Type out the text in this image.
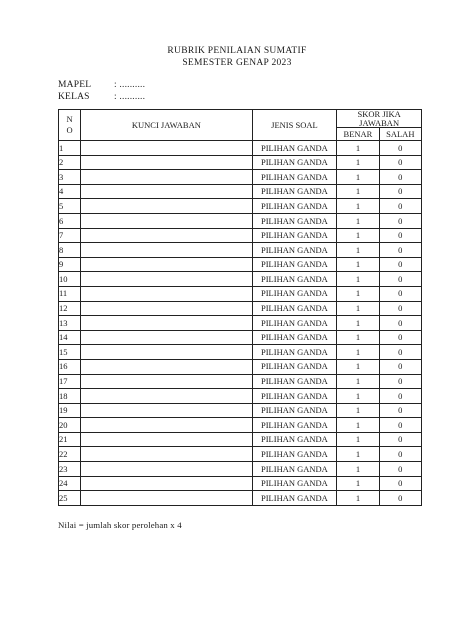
RUBRIK PENILAIAN SUMATIF
SEMESTER GENAP 2023
MAPEL : ..........
KELAS	: ..........
N
O	KUNCI JAWABAN	JENIS SOAL	SKOR JIKA JAWABAN	
			BENAR	SALAH
1		PILIHAN GANDA	1	0
2		PILIHAN GANDA	1	0
3		PILIHAN GANDA	1	0
4		PILIHAN GANDA	1	0
5		PILIHAN GANDA	1	0
6		PILIHAN GANDA	1	0
7		PILIHAN GANDA	1	0
8		PILIHAN GANDA	1	0
9		PILIHAN GANDA	1	0
10		PILIHAN GANDA	1	0
11		PILIHAN GANDA	1	0
12		PILIHAN GANDA	1	0
13		PILIHAN GANDA	1	0
14		PILIHAN GANDA	1	0
15		PILIHAN GANDA	1	0
16		PILIHAN GANDA	1	0
17		PILIHAN GANDA	1	0
18		PILIHAN GANDA	1	0
19		PILIHAN GANDA	1	0
20		PILIHAN GANDA	1	0
21		PILIHAN GANDA	1	0
22		PILIHAN GANDA	1	0
23		PILIHAN GANDA	1	0
24		PILIHAN GANDA	1	0
25		PILIHAN GANDA	1	0
Nilai = jumlah skor perolehan x 4
